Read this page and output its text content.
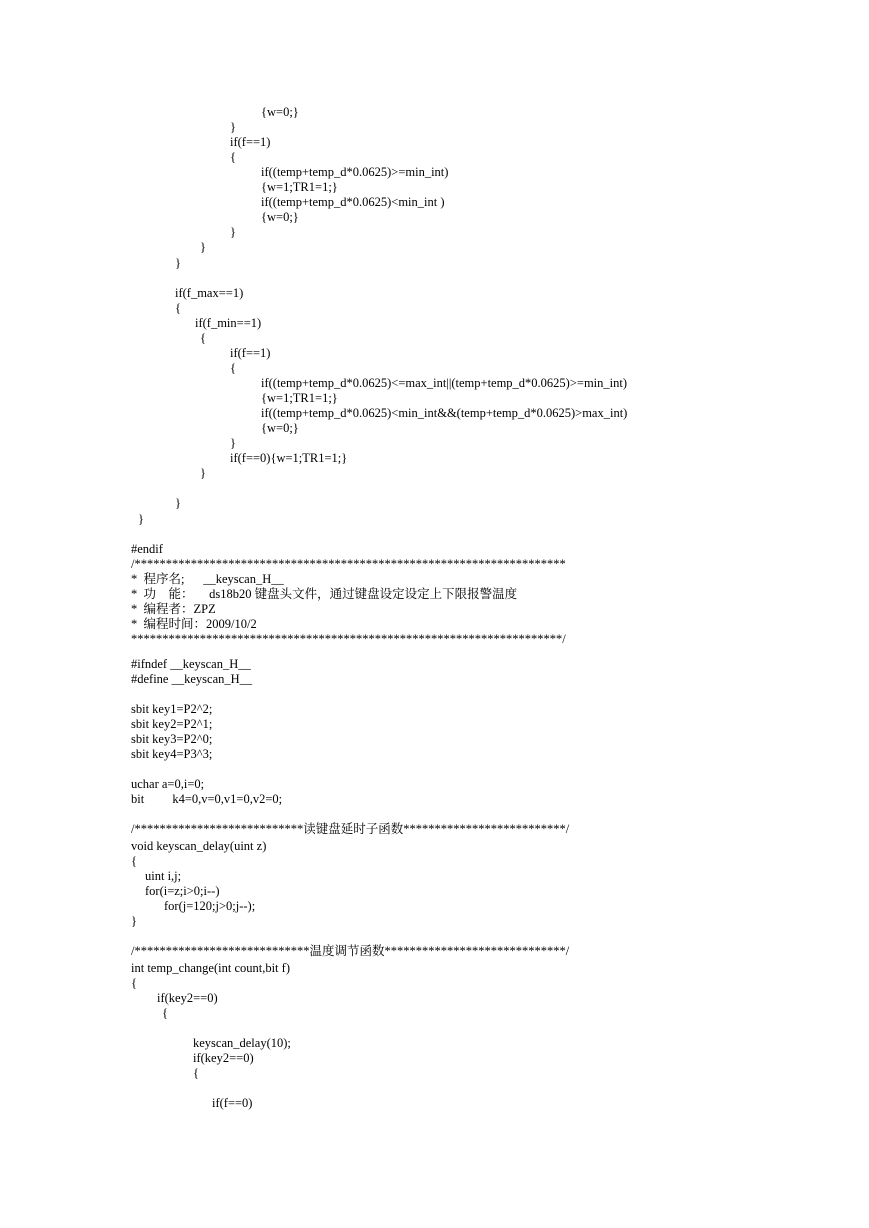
{w=0;}
}
if(f==1)
{
if((temp+temp_d*0.0625)>=min_int)
{w=1;TR1=1;}
if((temp+temp_d*0.0625)<min_int )
{w=0;}
}
}
}
if(f_max==1)
{
if(f_min==1)
{
if(f==1)
{
if((temp+temp_d*0.0625)<=max_int||(temp+temp_d*0.0625)>=min_int)
{w=1;TR1=1;}
if((temp+temp_d*0.0625)<min_int&&(temp+temp_d*0.0625)>max_int)
{w=0;}
}
if(f==0){w=1;TR1=1;}
}
}
}
#endif
/*********************************************************************
*  程序名;      __keyscan_H__
*  功    能：     ds18b20 键盘头文件，通过键盘设定设定上下限报警温度
*  编程者：ZPZ
*  编程时间：2009/10/2
*********************************************************************/
#ifndef __keyscan_H__
#define __keyscan_H__
sbit key1=P2^2;
sbit key2=P2^1;
sbit key3=P2^0;
sbit key4=P3^3;
uchar a=0,i=0;
bit         k4=0,v=0,v1=0,v2=0;
/***************************读键盘延时子函数**************************/
void keyscan_delay(uint z)
{
uint i,j;
for(i=z;i>0;i--)
for(j=120;j>0;j--);
}
/****************************温度调节函数*****************************/
int temp_change(int count,bit f)
{
if(key2==0)
{
keyscan_delay(10);
if(key2==0)
{
if(f==0)
